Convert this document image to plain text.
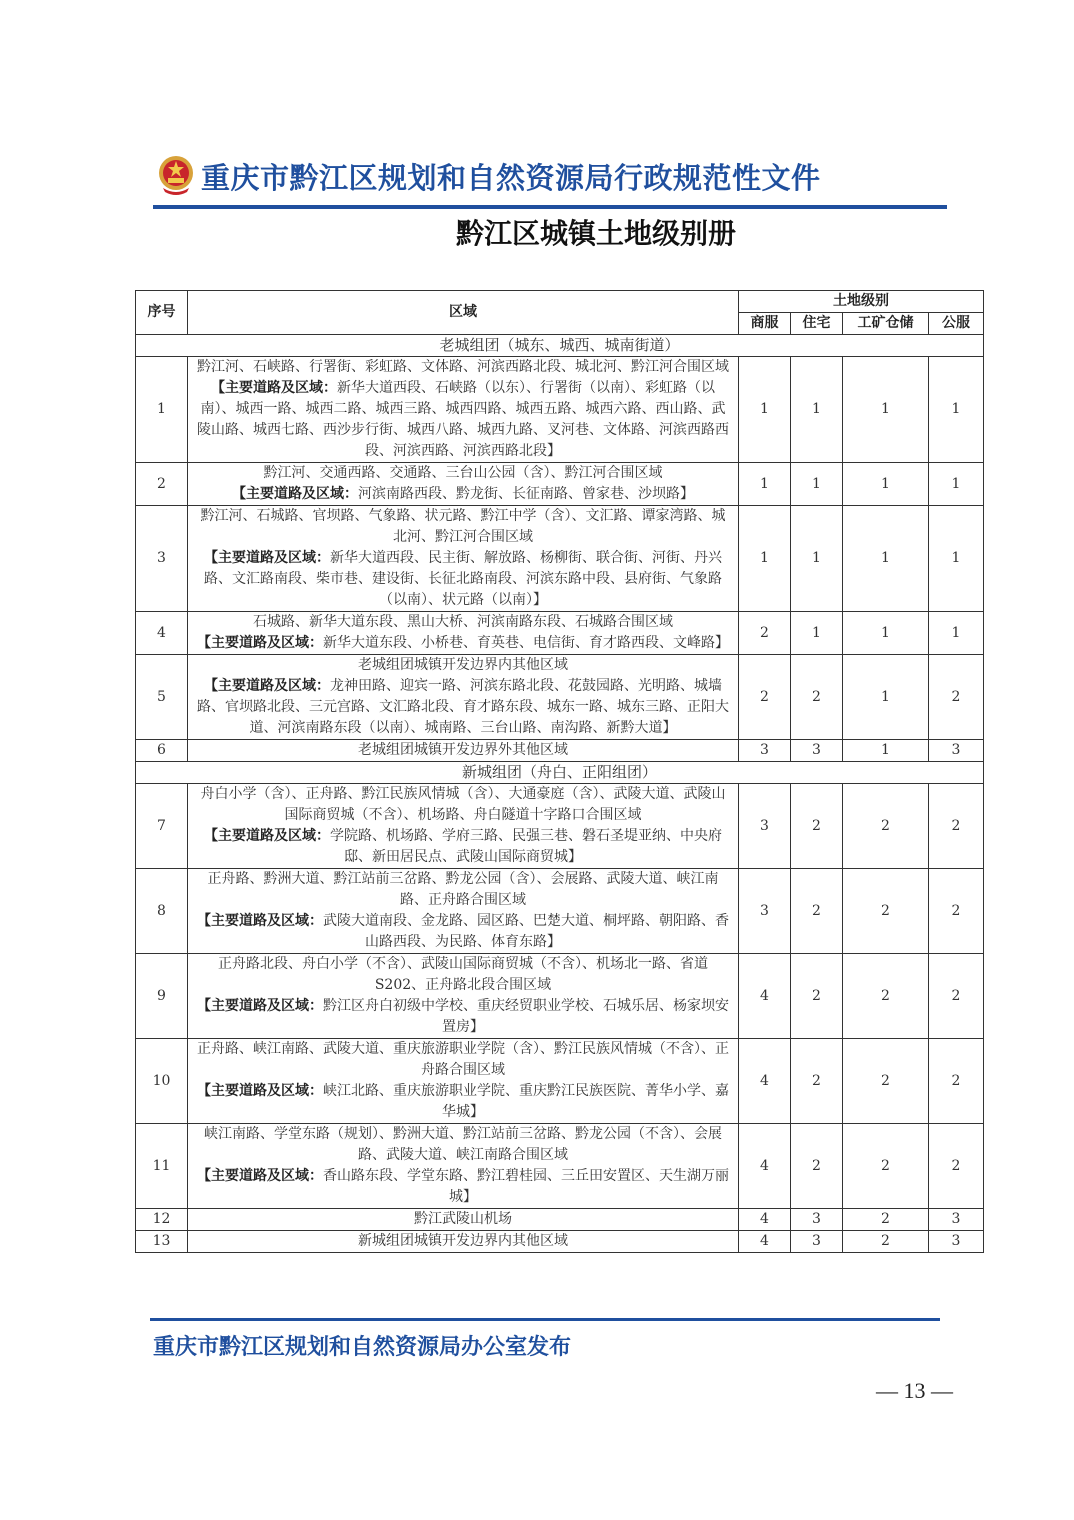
重庆市黔江区规划和自然资源局行政规范性文件
黔江区城镇土地级别册
序号	区域	土地级别			
		商服	住宅	工矿仓储	公服
老城组团（城东、城西、城南街道）					
1	黔江河、石峡路、行署街、彩虹路、文体路、河滨西路北段、城北河、黔江河合围区域
【主要道路及区域：新华大道西段、石峡路（以东）、行署街（以南）、彩虹路（以南）、城西一路、城西二路、城西三路、城西四路、城西五路、城西六路、西山路、武陵山路、城西七路、西沙步行街、城西八路、城西九路、叉河巷、文体路、河滨西路西段、河滨西路、河滨西路北段】	1	1	1	1
2	黔江河、交通西路、交通路、三台山公园（含）、黔江河合围区域
【主要道路及区域：河滨南路西段、黔龙街、长征南路、曾家巷、沙坝路】	1	1	1	1
3	黔江河、石城路、官坝路、气象路、状元路、黔江中学（含）、文汇路、谭家湾路、城北河、黔江河合围区域
【主要道路及区域：新华大道西段、民主街、解放路、杨柳街、联合街、河街、丹兴路、文汇路南段、柴市巷、建设街、长征北路南段、河滨东路中段、县府街、气象路（以南）、状元路（以南）】	1	1	1	1
4	石城路、新华大道东段、黑山大桥、河滨南路东段、石城路合围区域
【主要道路及区域：新华大道东段、小桥巷、育英巷、电信街、育才路西段、文峰路】	2	1	1	1
5	老城组团城镇开发边界内其他区域
【主要道路及区域：龙神田路、迎宾一路、河滨东路北段、花鼓园路、光明路、城墙路、官坝路北段、三元宫路、文汇路北段、育才路东段、城东一路、城东三路、正阳大道、河滨南路东段（以南）、城南路、三台山路、南沟路、新黔大道】	2	2	1	2
6	老城组团城镇开发边界外其他区域	3	3	1	3
新城组团（舟白、正阳组团）					
7	舟白小学（含）、正舟路、黔江民族风情城（含）、大通豪庭（含）、武陵大道、武陵山国际商贸城（不含）、机场路、舟白隧道十字路口合围区域
【主要道路及区域：学院路、机场路、学府三路、民强三巷、磐石圣堤亚纳、中央府邸、新田居民点、武陵山国际商贸城】	3	2	2	2
8	正舟路、黔洲大道、黔江站前三岔路、黔龙公园（含）、会展路、武陵大道、峡江南路、正舟路合围区域
【主要道路及区域：武陵大道南段、金龙路、园区路、巴楚大道、桐坪路、朝阳路、香山路西段、为民路、体育东路】	3	2	2	2
9	正舟路北段、舟白小学（不含）、武陵山国际商贸城（不含）、机场北一路、省道 S202、正舟路北段合围区域
【主要道路及区域：黔江区舟白初级中学校、重庆经贸职业学校、石城乐居、杨家坝安置房】	4	2	2	2
10	正舟路、峡江南路、武陵大道、重庆旅游职业学院（含）、黔江民族风情城（不含）、正舟路合围区域
【主要道路及区域：峡江北路、重庆旅游职业学院、重庆黔江民族医院、菁华小学、嘉华城】	4	2	2	2
11	峡江南路、学堂东路（规划）、黔洲大道、黔江站前三岔路、黔龙公园（不含）、会展路、武陵大道、峡江南路合围区域
【主要道路及区域：香山路东段、学堂东路、黔江碧桂园、三丘田安置区、天生湖万丽城】	4	2	2	2
12	黔江武陵山机场	4	3	2	3
13	新城组团城镇开发边界内其他区域	4	3	2	3
重庆市黔江区规划和自然资源局办公室发布
— 13 —
